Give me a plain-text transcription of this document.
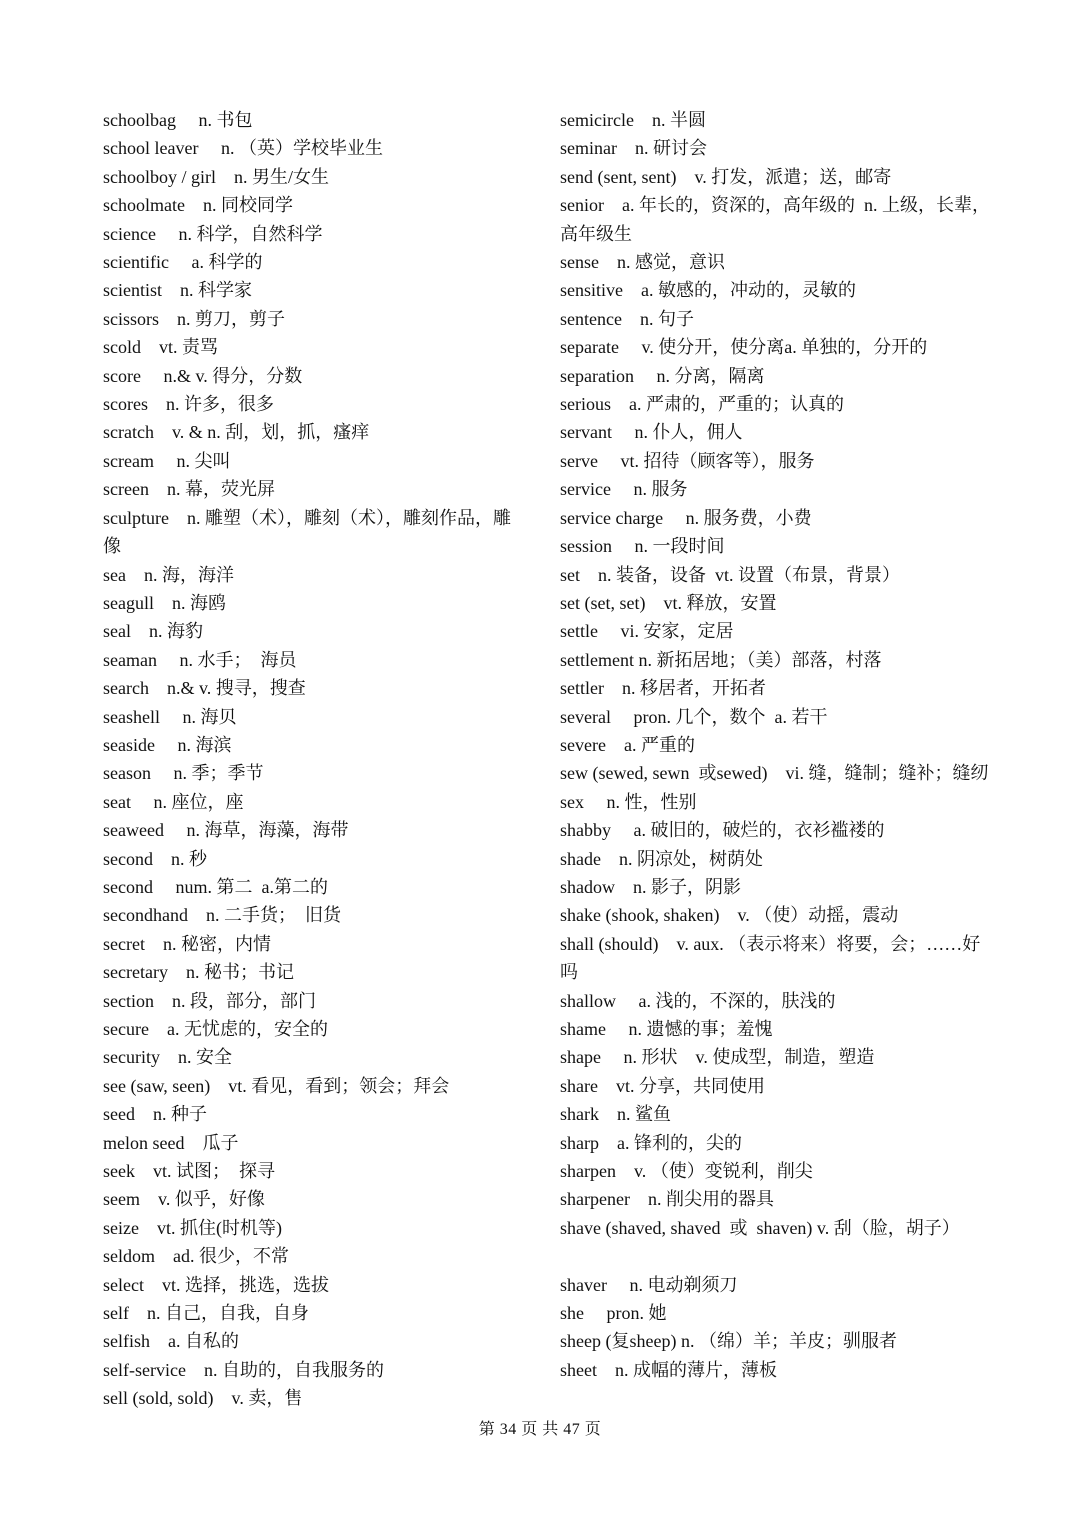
schoolbag     n. 书包
school leaver     n. （英）学校毕业生
schoolboy / girl    n. 男生/女生
schoolmate    n. 同校同学
science     n. 科学，自然科学
scientific     a. 科学的
scientist    n. 科学家
scissors    n. 剪刀，剪子
scold    vt. 责骂
score     n.& v. 得分，分数
scores    n. 许多，很多
scratch    v. & n. 刮，划，抓，瘙痒
scream     n. 尖叫
screen    n. 幕，荧光屏
sculpture    n. 雕塑（术），雕刻（术），雕刻作品，雕像
sea    n. 海，海洋
seagull    n. 海鸥
seal    n. 海豹
seaman     n. 水手；  海员
search    n.& v. 搜寻，搜查
seashell     n. 海贝
seaside     n. 海滨
season     n. 季；季节
seat     n. 座位，座
seaweed     n. 海草，海藻，海带
second    n. 秒
second     num. 第二  a.第二的
secondhand    n. 二手货；  旧货
secret    n. 秘密，内情
secretary    n. 秘书；书记
section    n. 段，部分，部门
secure    a. 无忧虑的，安全的
security    n. 安全
see (saw, seen)    vt. 看见，看到；领会；拜会
seed    n. 种子
melon seed    瓜子
seek    vt. 试图；  探寻
seem    v. 似乎，好像
seize    vt. 抓住(时机等)
seldom    ad. 很少，不常
select    vt. 选择，挑选，选拔
self    n. 自己，自我，自身
selfish    a. 自私的
self-service    n. 自助的，自我服务的
sell (sold, sold)    v. 卖，售
semicircle    n. 半圆
seminar    n. 研讨会
send (sent, sent)    v. 打发，派遣；送，邮寄
senior    a. 年长的，资深的，高年级的  n. 上级，长辈，高年级生
sense    n. 感觉，意识
sensitive    a. 敏感的，冲动的，灵敏的
sentence    n. 句子
separate     v. 使分开，使分离a. 单独的，分开的
separation     n. 分离，隔离
serious    a. 严肃的，严重的；认真的
servant     n. 仆人，佣人
serve     vt. 招待（顾客等），服务
service     n. 服务
service charge     n. 服务费，小费
session     n. 一段时间
set    n. 装备，设备  vt. 设置（布景，背景）
set (set, set)    vt. 释放，安置
settle     vi. 安家，定居
settlement n. 新拓居地；（美）部落，村落
settler    n. 移居者，开拓者
several     pron. 几个，数个  a. 若干
severe    a. 严重的
sew (sewed, sewn  或sewed)    vi. 缝，缝制；缝补；缝纫
sex     n. 性，性别
shabby     a. 破旧的，破烂的，衣衫褴褛的
shade    n. 阴凉处，树荫处
shadow    n. 影子，阴影
shake (shook, shaken)    v. （使）动摇，震动
shall (should)    v. aux. （表示将来）将要，会；……好吗
shallow     a. 浅的，不深的，肤浅的
shame     n. 遗憾的事；羞愧
shape     n. 形状    v. 使成型，制造，塑造
share    vt. 分享，共同使用
shark    n. 鲨鱼
sharp    a. 锋利的，尖的
sharpen    v. （使）变锐利，削尖
sharpener    n. 削尖用的器具
shave (shaved, shaved  或  shaven) v. 刮（脸，胡子）
shaver     n. 电动剃须刀
she     pron. 她
sheep (复sheep) n. （绵）羊；羊皮；驯服者
sheet    n. 成幅的薄片，薄板
第 34 页 共 47 页
